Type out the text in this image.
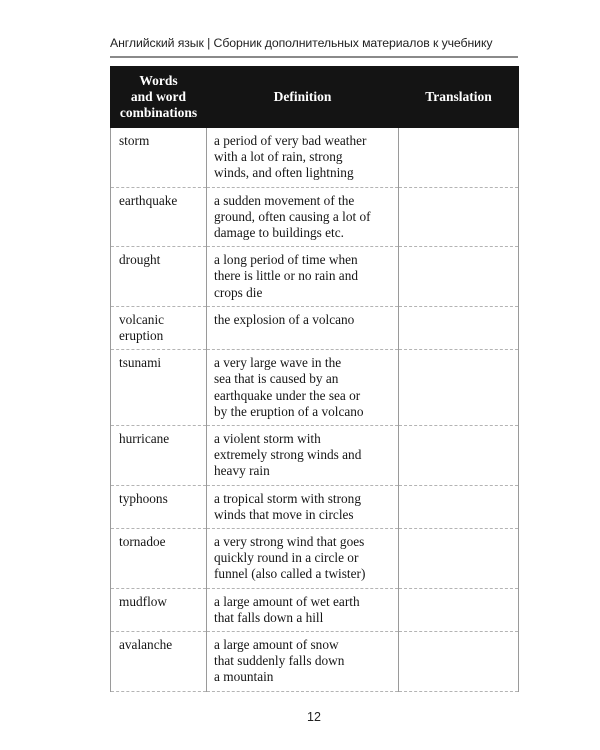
Английский язык | Сборник дополнительных материалов к учебнику
Words
and word
combinations	Definition	Translation
storm	a period of very bad weather
with a lot of rain, strong
winds, and often lightning	
earthquake	a sudden movement of the
ground, often causing a lot of
damage to buildings etc.	
drought	a long period of time when
there is little or no rain and
crops die	
volcanic
eruption	the explosion of a volcano	
tsunami	a very large wave in the
sea that is caused by an
earthquake under the sea or
by the eruption of a volcano	
hurricane	a violent storm with
extremely strong winds and
heavy rain	
typhoons	a tropical storm with strong
winds that move in circles	
tornadoe	a very strong wind that goes
quickly round in a circle or
funnel (also called a twister)	
mudflow	a large amount of wet earth
that falls down a hill	
avalanche	a large amount of snow
that suddenly falls down
a mountain	
12
